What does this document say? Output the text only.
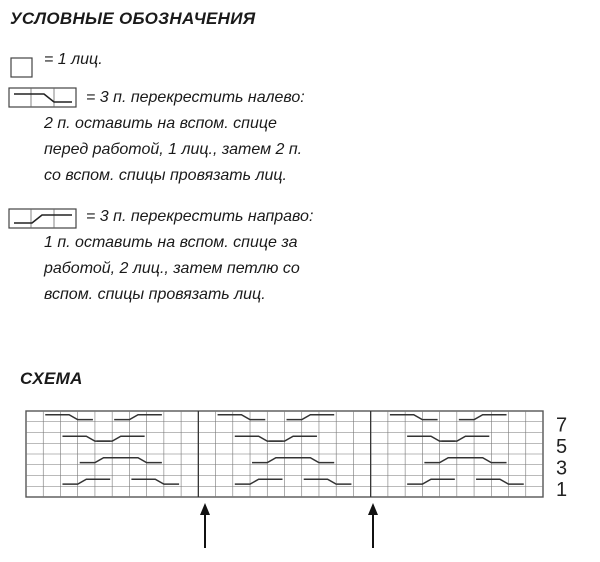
УСЛОВНЫЕ ОБОЗНАЧЕНИЯ
= 1 лиц.
= 3 п. перекрестить налево:
2 п. оставить на вспом. спице
перед работой, 1 лиц., затем 2 п.
со вспом. спицы провязать лиц.
= 3 п. перекрестить направо:
1 п. оставить на вспом. спице за
работой, 2 лиц., затем петлю со
вспом. спицы провязать лиц.
СХЕМА
7
5
3
1
